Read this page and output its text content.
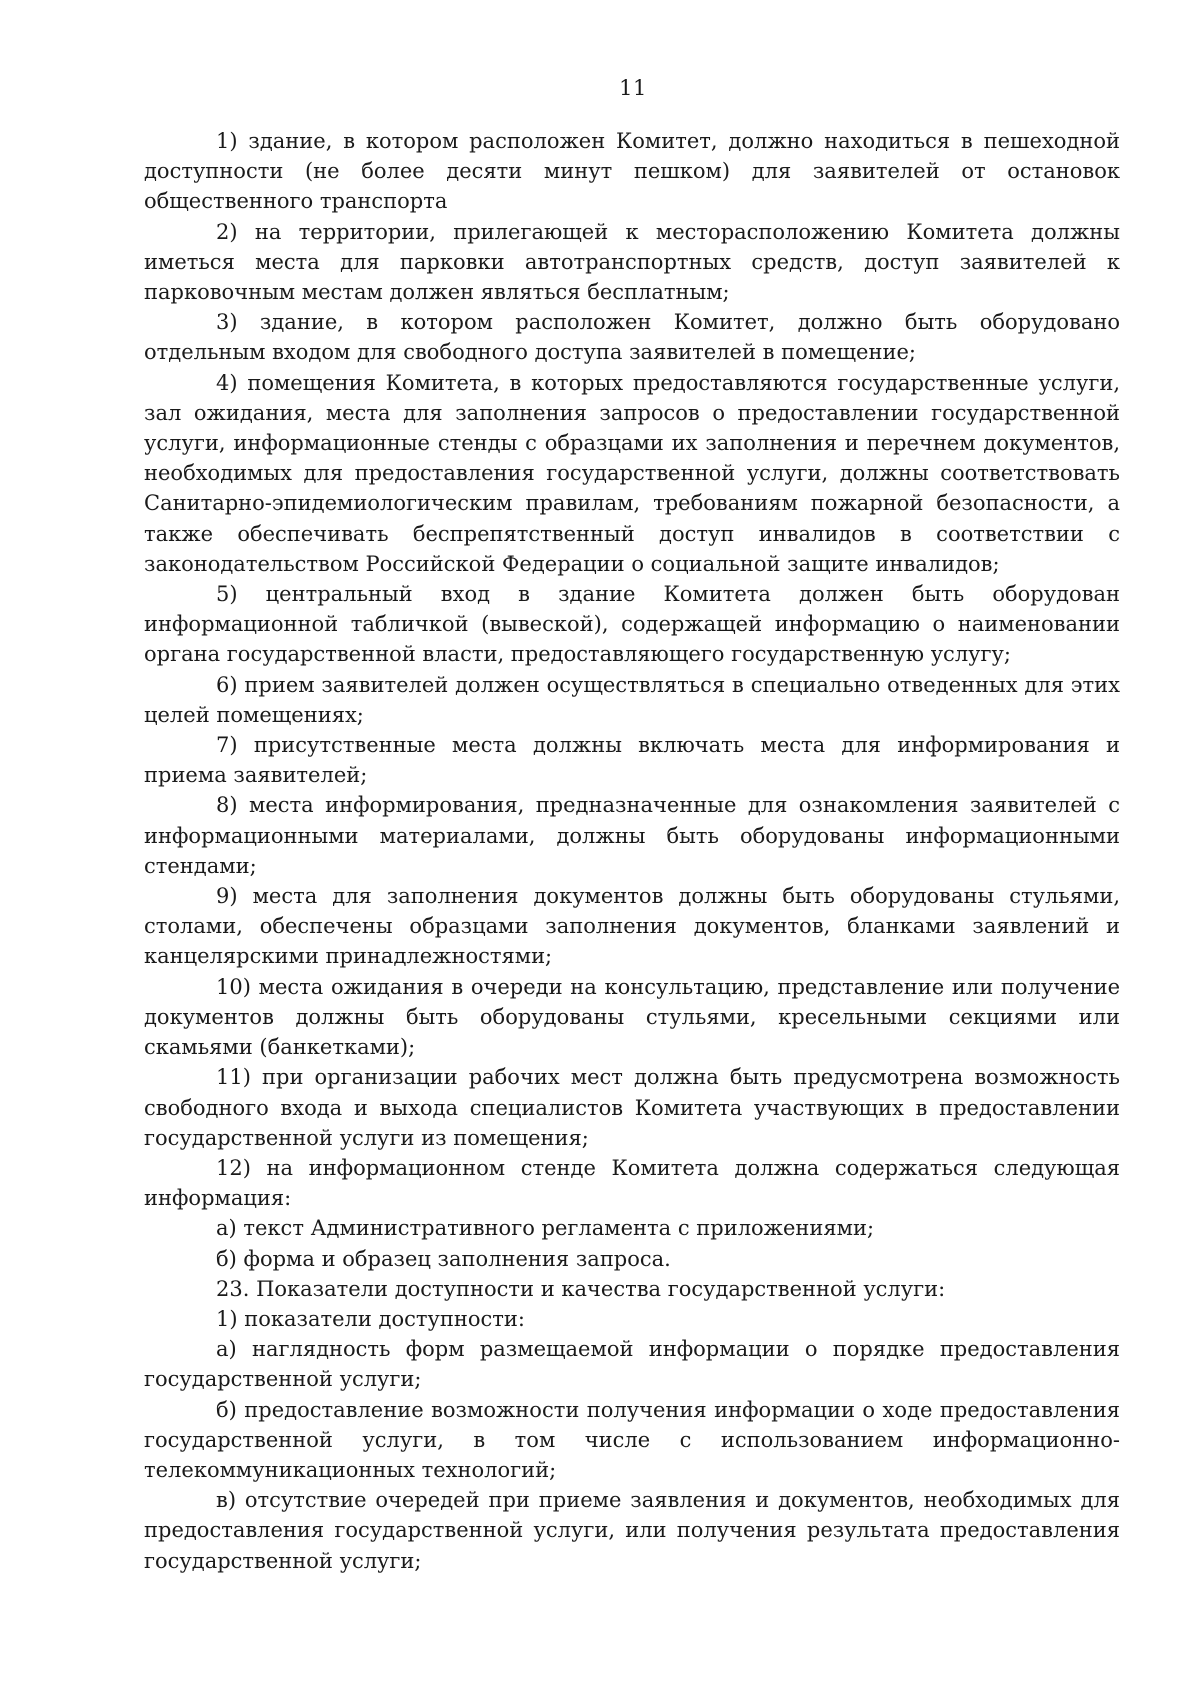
11

1) здание, в котором расположен Комитет, должно находиться в пешеходной доступности (не более десяти минут пешком) для заявителей от остановок общественного транспорта

2) на территории, прилегающей к месторасположению Комитета должны иметься места для парковки автотранспортных средств, доступ заявителей к парковочным местам должен являться бесплатным;

3) здание, в котором расположен Комитет, должно быть оборудовано отдельным входом для свободного доступа заявителей в помещение;

4) помещения Комитета, в которых предоставляются государственные услуги, зал ожидания, места для заполнения запросов о предоставлении государственной услуги, информационные стенды с образцами их заполнения и перечнем документов, необходимых для предоставления государственной услуги, должны соответствовать Санитарно-эпидемиологическим правилам, требованиям пожарной безопасности, а также обеспечивать беспрепятственный доступ инвалидов в соответствии с законодательством Российской Федерации о социальной защите инвалидов;

5) центральный вход в здание Комитета должен быть оборудован информационной табличкой (вывеской), содержащей информацию о наименовании органа государственной власти, предоставляющего государственную услугу;

6) прием заявителей должен осуществляться в специально отведенных для этих целей помещениях;

7) присутственные места должны включать места для информирования и приема заявителей;

8) места информирования, предназначенные для ознакомления заявителей с информационными материалами, должны быть оборудованы информационными стендами;

9) места для заполнения документов должны быть оборудованы стульями, столами, обеспечены образцами заполнения документов, бланками заявлений и канцелярскими принадлежностями;

10) места ожидания в очереди на консультацию, представление или получение документов должны быть оборудованы стульями, кресельными секциями или скамьями (банкетками);

11) при организации рабочих мест должна быть предусмотрена возможность свободного входа и выхода специалистов Комитета участвующих в предоставлении государственной услуги из помещения;

12) на информационном стенде Комитета должна содержаться следующая информация:

а) текст Административного регламента с приложениями;

б) форма и образец заполнения запроса.

23. Показатели доступности и качества государственной услуги:

1) показатели доступности:

а) наглядность форм размещаемой информации о порядке предоставления государственной услуги;

б) предоставление возможности получения информации о ходе предоставления государственной услуги, в том числе с использованием информационно-телекоммуникационных технологий;

в) отсутствие очередей при приеме заявления и документов, необходимых для предоставления государственной услуги, или получения результата предоставления государственной услуги;
